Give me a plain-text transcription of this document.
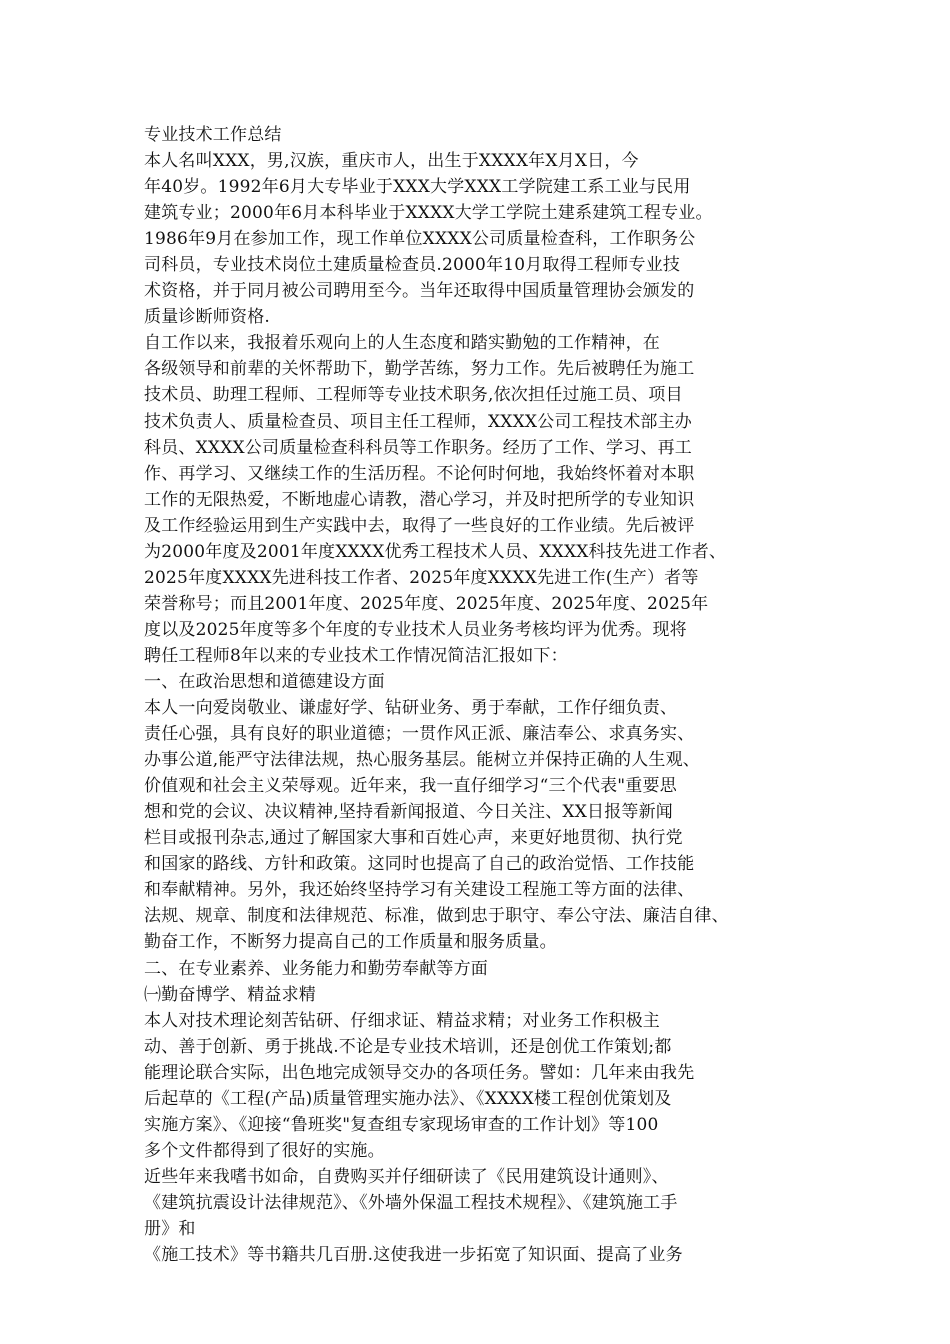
专业技术工作总结
本人名叫XXX，男,汉族，重庆市人，出生于XXXX年X月X日，今
年40岁。1992年6月大专毕业于XXX大学XXX工学院建工系工业与民用
建筑专业；2000年6月本科毕业于XXXX大学工学院土建系建筑工程专业。
1986年9月在参加工作，现工作单位XXXX公司质量检查科，工作职务公
司科员，专业技术岗位土建质量检查员.2000年10月取得工程师专业技
术资格，并于同月被公司聘用至今。当年还取得中国质量管理协会颁发的
质量诊断师资格.
自工作以来，我报着乐观向上的人生态度和踏实勤勉的工作精神，在
各级领导和前辈的关怀帮助下，勤学苦练，努力工作。先后被聘任为施工
技术员、助理工程师、工程师等专业技术职务,依次担任过施工员、项目
技术负责人、质量检查员、项目主任工程师，XXXX公司工程技术部主办
科员、XXXX公司质量检查科科员等工作职务。经历了工作、学习、再工
作、再学习、又继续工作的生活历程。不论何时何地，我始终怀着对本职
工作的无限热爱，不断地虚心请教，潜心学习，并及时把所学的专业知识
及工作经验运用到生产实践中去，取得了一些良好的工作业绩。先后被评
为2000年度及2001年度XXXX优秀工程技术人员、XXXX科技先进工作者、
2025年度XXXX先进科技工作者、2025年度XXXX先进工作(生产）者等
荣誉称号；而且2001年度、2025年度、2025年度、2025年度、2025年
度以及2025年度等多个年度的专业技术人员业务考核均评为优秀。现将
聘任工程师8年以来的专业技术工作情况简洁汇报如下：
一、在政治思想和道德建设方面
本人一向爱岗敬业、谦虚好学、钻研业务、勇于奉献，工作仔细负责、
责任心强，具有良好的职业道德；一贯作风正派、廉洁奉公、求真务实、
办事公道,能严守法律法规，热心服务基层。能树立并保持正确的人生观、
价值观和社会主义荣辱观。近年来，我一直仔细学习“三个代表"重要思
想和党的会议、决议精神,坚持看新闻报道、今日关注、XX日报等新闻
栏目或报刊杂志,通过了解国家大事和百姓心声，来更好地贯彻、执行党
和国家的路线、方针和政策。这同时也提高了自己的政治觉悟、工作技能
和奉献精神。另外，我还始终坚持学习有关建设工程施工等方面的法律、
法规、规章、制度和法律规范、标准，做到忠于职守、奉公守法、廉洁自律、
勤奋工作，不断努力提高自己的工作质量和服务质量。
二、在专业素养、业务能力和勤劳奉献等方面
㈠勤奋博学、精益求精
本人对技术理论刻苦钻研、仔细求证、精益求精；对业务工作积极主
动、善于创新、勇于挑战.不论是专业技术培训，还是创优工作策划;都
能理论联合实际，出色地完成领导交办的各项任务。譬如：几年来由我先
后起草的《工程(产品)质量管理实施办法》、《XXXX楼工程创优策划及
实施方案》、《迎接“鲁班奖"复查组专家现场审查的工作计划》等100
多个文件都得到了很好的实施。
近些年来我嗜书如命，自费购买并仔细研读了《民用建筑设计通则》、
《建筑抗震设计法律规范》、《外墙外保温工程技术规程》、《建筑施工手
册》和
《施工技术》等书籍共几百册.这使我进一步拓宽了知识面、提高了业务
